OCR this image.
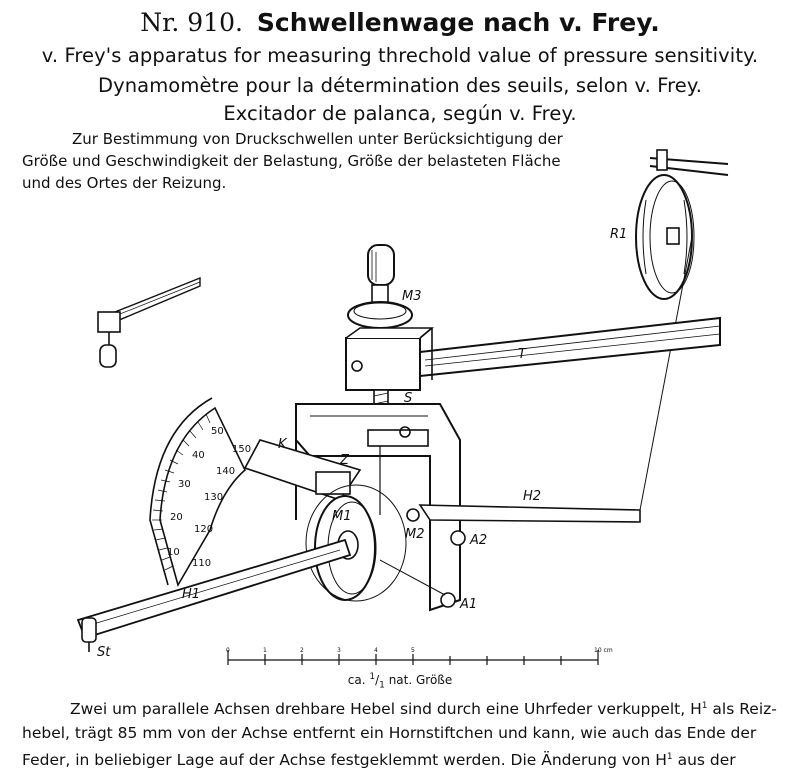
Nr. 910. Schwellenwage nach v. Frey.
v. Frey's apparatus for measuring threchold value of pressure sensitivity.
Dynamomètre pour la détermination des seuils, selon v. Frey.
Excitador de palanca, según v. Frey.
Zur Bestimmung von Druckschwellen unter Berücksichtigung der
Größe und Geschwindigkeit der Belastung, Größe der belasteten Fläche
und des Ortes der Reizung.
10
20
30
40
50
110
120
130
140
150
R1
M3
T
S
K
Z
H2
M1
M2	A2
A1
H1
St	0	1	2	3	4	5	10 cm
ca. $^1/_1$ nat. Größe

Zwei um parallele Achsen drehbare Hebel sind durch eine Uhrfeder verkuppelt, $H^1$ als Reiz-

hebel, trägt 85 mm von der Achse entfernt ein Hornstiftchen und kann, wie auch das Ende der

Feder, in beliebiger Lage auf der Achse festgeklemmt werden. Die Änderung von $H^1$ aus der
